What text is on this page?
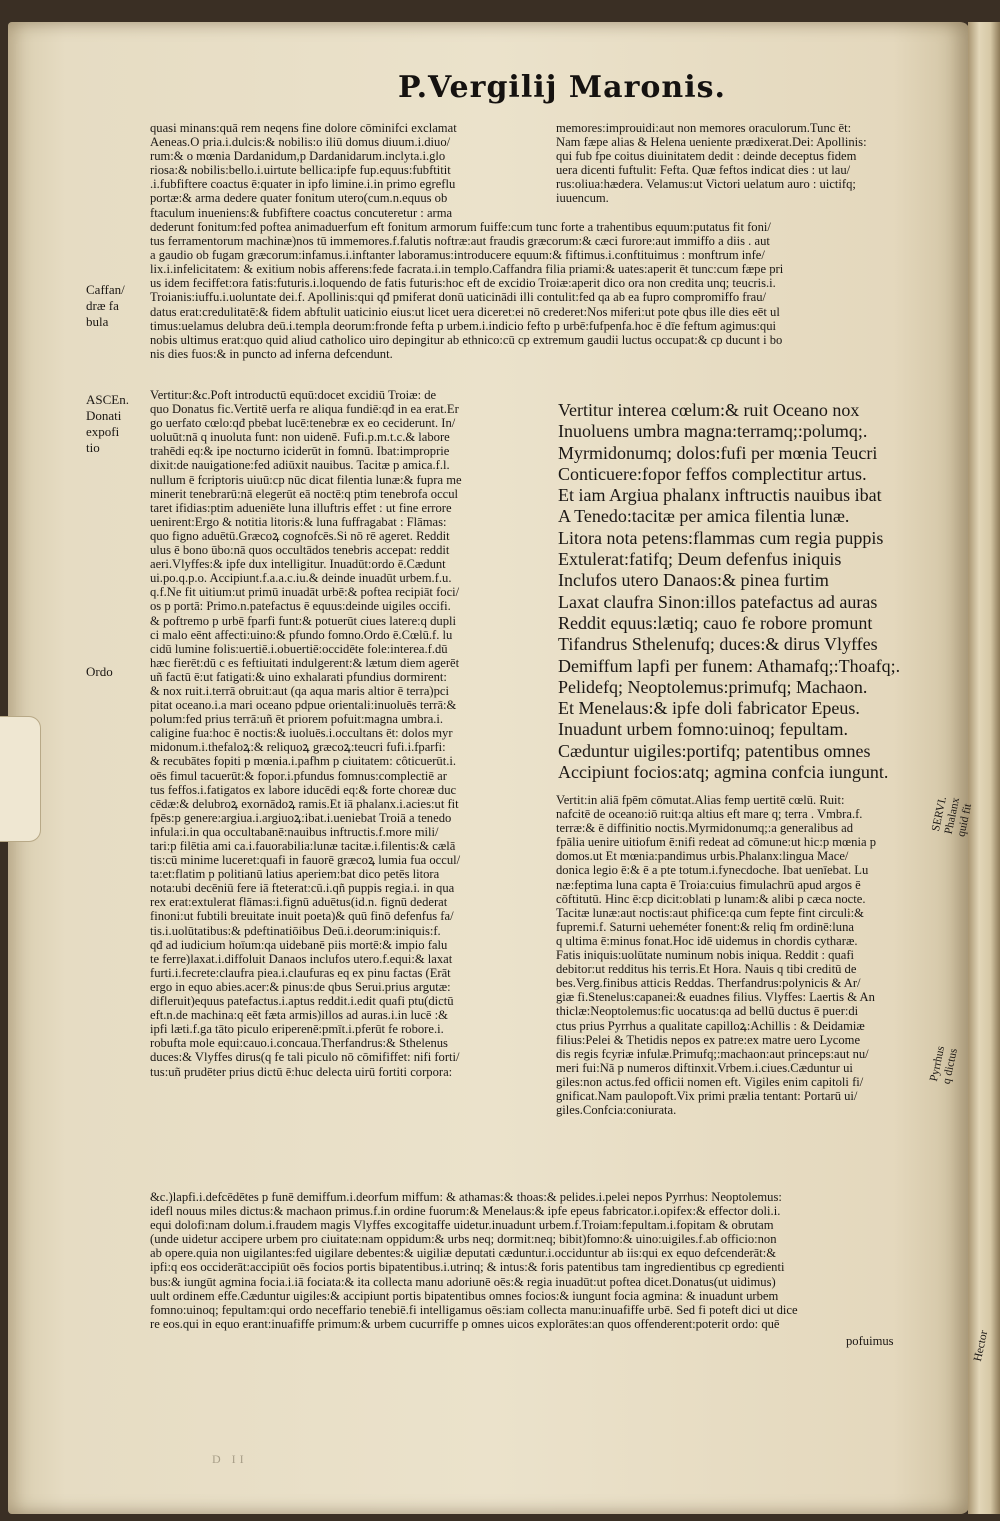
P.Vergilij Maronis.

quasi minans:quā rem neqens fine dolore cōminifci exclamat

Aeneas.O pria.i.dulcis:& nobilis:o iliū domus diuum.i.diuo/

rum:& o mœnia Dardanidum,p Dardanidarum.inclyta.i.glo

riosa:& nobilis:bello.i.uirtute bellica:ipfe fup.equus:fubftitit

.i.fubfiftere coactus ē:quater in ipfo limine.i.in primo egreflu

portæ:& arma dedere quater fonitum utero(cum.n.equus ob

ftaculum inueniens:& fubfiftere coactus concuteretur : arma

memores:improuidi:aut non memores oraculorum.Tunc ēt:

Nam fæpe alias & Helena ueniente prædixerat.Dei: Apollinis:

qui fub fpe coitus diuinitatem dedit : deinde deceptus fidem

uera dicenti fuftulit: Fefta. Quæ feftos indicat dies : ut lau/

rus:oliua:hædera. Velamus:ut Victori uelatum auro : uictifq;

iuuencum.

dederunt fonitum:fed poftea animaduerfum eft fonitum armorum fuiffe:cum tunc forte a trahentibus equum:putatus fit foni/

tus ferramentorum machinæ)nos tū immemores.f.falutis noftræ:aut fraudis græcorum:& cæci furore:aut immiffo a diis . aut

a gaudio ob fugam græcorum:infamus.i.inftanter laboramus:introducere equum:& fiftimus.i.conftituimus : monftrum infe/

lix.i.infelicitatem: & exitium nobis afferens:fede facrata.i.in templo.Caffandra filia priami:& uates:aperit ēt tunc:cum fæpe pri

us idem feciffet:ora fatis:futuris.i.loquendo de fatis futuris:hoc eft de excidio Troiæ:aperit dico ora non credita unq; teucris.i.

Troianis:iuffu.i.uoluntate dei.f. Apollinis:qui qđ pmiferat donū uaticinādi illi contulit:fed qa ab ea fupro compromiffo frau/

datus erat:credulitatē:& fidem abftulit uaticinio eius:ut licet uera diceret:ei nō crederet:Nos miferi:ut pote qbus ille dies eēt ul

timus:uelamus delubra deū.i.templa deorum:fronde fefta p urbem.i.indicio fefto p urbē:fufpenfa.hoc ē dīe feftum agimus:qui

nobis ultimus erat:quo quid aliud catholico uiro depingitur ab ethnico:cū cp extremum gaudii luctus occupat:& cp ducunt i bo

nis dies fuos:& in puncto ad inferna defcendunt.

Caffan/
dræ fa
bula
ASCEn.
Donati
expofi
tio
Ordo
SERVI.
Phalanx
quid fit
Pyrrhus
q dictus
Hector

Vertitur:&c.Poft introductū equū:docet excidiū Troiæ: de

quo Donatus fic.Vertitē uerfa re aliqua fundiē:qđ in ea erat.Er

go uerfato cœlo:qđ pbebat lucē:tenebræ ex eo ceciderunt. In/

uoluūt:nā q inuoluta funt: non uidenē. Fufi.p.m.t.c.& labore

trahēdi eq:& ipe nocturno iciderūt in fomnū. Ibat:improprie

dixit:de nauigatione:fed adiūxit nauibus. Tacitæ p amica.f.l.

nullum ē fcriptoris uiuū:cp nūc dicat filentia lunæ:& fupra me

minerit tenebrarū:nā elegerūt eā noctē:q ptim tenebrofa occul

taret ifidias:ptim adueniēte luna illuftris effet : ut fine errore

uenirent:Ergo & notitia litoris:& luna fuffragabat : Flāmas:

quo figno aduētū.Græcoꝝ cognofcēs.Si nō rē ageret. Reddit

ulus ē bono ūbo:nā quos occultādos tenebris accepat: reddit

aeri.Vlyffes:& ipfe dux intelligitur. Inuadūt:ordo ē.Cædunt

ui.po.q.p.o. Accipiunt.f.a.a.c.iu.& deinde inuadūt urbem.f.u.

q.f.Ne fit uitium:ut primū inuadāt urbē:& poftea recipiāt foci/

os p portā: Primo.n.patefactus ē equus:deinde uigiles occifi.

& poftremo p urbē fparfi funt:& potuerūt ciues latere:q dupli

ci malo eēnt affecti:uino:& pfundo fomno.Ordo ē.Cœlū.f. lu

cidū lumine folis:uertiē.i.obuertiē:occidēte fole:interea.f.dū

hæc fierēt:dū c es feftiuitati indulgerent:& lætum diem agerēt

uñ factū ē:ut fatigati:& uino exhalarati pfundius dormirent:

& nox ruit.i.terrā obruit:aut (qa aqua maris altior ē terra)pci

pitat oceano.i.a mari oceano pdpue orientali:inuoluēs terrā:&

polum:fed prius terrā:uñ ēt priorem pofuit:magna umbra.i.

caligine fua:hoc ē noctis:& iuoluēs.i.occultans ēt: dolos myr

midonum.i.thefaloꝝ:& reliquoꝝ græcoꝝ:teucri fufi.i.fparfi:

& recubātes fopiti p mœnia.i.pafhm p ciuitatem: côticuerūt.i.

oēs fimul tacuerūt:& fopor.i.pfundus fomnus:complectiē ar

tus feffos.i.fatigatos ex labore iducēdi eq:& forte choreæ duc

cēdæ:& delubroꝝ exornādoꝝ ramis.Et iā phalanx.i.acies:ut fit

fpēs:p genere:argiua.i.argiuoꝝ:ibat.i.ueniebat Troiā a tenedo

infula:i.in qua occultabanē:nauibus inftructis.f.more mili/

tari:p filētia ami ca.i.fauorabilia:lunæ tacitæ.i.filentis:& cælā

tis:cū minime luceret:quafi in fauorē græcoꝝ lumia fua occul/

ta:et:flatim p politianū latius aperiem:bat dico petēs litora

nota:ubi decēniū fere iā fteterat:cū.i.qñ puppis regia.i. in qua

rex erat:extulerat flāmas:i.fignū aduētus(id.n. fignū dederat

finoni:ut fubtili breuitate inuit poeta)& quū finō defenfus fa/

tis.i.uolūtatibus:& pdeftinatiōibus Deū.i.deorum:iniquis:f.

qđ ad iudicium hoīum:qa uidebanē piis mortē:& impio falu

te ferre)laxat.i.diffoluit Danaos inclufos utero.f.equi:& laxat

furti.i.fecrete:claufra piea.i.claufuras eq ex pinu factas (Erāt

ergo in equo abies.acer:& pinus:de qbus Serui.prius argutæ:

difleruit)equus patefactus.i.aptus reddit.i.edit quafi ptu(dictū

eft.n.de machina:q eēt fæta armis)illos ad auras.i.in lucē :&

ipfi læti.f.ga tāto piculo eriperenē:pmīt.i.pferūt fe robore.i.

robufta mole equi:cauo.i.concaua.Therfandrus:& Sthelenus

duces:& Vlyffes dirus(q fe tali piculo nō cōmififfet: nifi forti/

tus:uñ prudēter prius dictū ē:huc delecta uirū fortiti corpora:

Vertitur interea cœlum:& ruit Oceano nox

Inuoluens umbra magna:terramq;:polumq;.

Myrmidonumq; dolos:fufi per mœnia Teucri

Conticuere:fopor feffos complectitur artus.

Et iam Argiua phalanx inftructis nauibus ibat

A Tenedo:tacitæ per amica filentia lunæ.

Litora nota petens:flammas cum regia puppis

Extulerat:fatifq; Deum defenfus iniquis

Inclufos utero Danaos:& pinea furtim

Laxat claufra Sinon:illos patefactus ad auras

Reddit equus:lætiq; cauo fe robore promunt

Tifandrus Sthelenufq; duces:& dirus Vlyffes

Demiffum lapfi per funem: Athamafq;:Thoafq;.

Pelidefq; Neoptolemus:primufq; Machaon.

Et Menelaus:& ipfe doli fabricator Epeus.

Inuadunt urbem fomno:uinoq; fepultam.

Cæduntur uigiles:portifq; patentibus omnes

Accipiunt focios:atq; agmina confcia iungunt.

Vertit:in aliā fpēm cōmutat.Alias femp uertitē cœlū. Ruit:

nafcitē de oceano:iō ruit:qa altius eft mare q; terra . Vmbra.f.

terræ:& ē diffinitio noctis.Myrmidonumq;:a generalibus ad

fpālia uenire uitiofum ē:nifi redeat ad cōmune:ut hic:p mœnia p

domos.ut Et mœnia:pandimus urbis.Phalanx:lingua Mace/

donica legio ē:& ē a pte totum.i.fynecdoche. Ibat uenīebat. Lu

næ:feptima luna capta ē Troia:cuius fimulachrū apud argos ē

cōftitutū. Hinc ē:cp dicit:oblati p lunam:& alibi p cæca nocte.

Tacitæ lunæ:aut noctis:aut phifice:qa cum fepte fint circuli:&

fupremi.f. Saturni ueheméter fonent:& reliq fm ordinē:luna

q ultima ē:minus fonat.Hoc idē uidemus in chordis cytharæ.

Fatis iniquis:uolūtate numinum nobis iniqua. Reddit : quafi

debitor:ut redditus his terris.Et Hora. Nauis q tibi creditū de

bes.Verg.finibus atticis Reddas. Therfandrus:polynicis & Ar/

giæ fi.Stenelus:capanei:& euadnes filius. Vlyffes: Laertis & An

thiclæ:Neoptolemus:fic uocatus:qa ad bellū ductus ē puer:di

ctus prius Pyrrhus a qualitate capilloꝝ:Achillis : & Deidamiæ

filius:Pelei & Thetidis nepos ex patre:ex matre uero Lycome

dis regis fcyriæ infulæ.Primufq;:machaon:aut princeps:aut nu/

meri fui:Nā p numeros diftinxit.Vrbem.i.ciues.Cæduntur ui

giles:non actus.fed officii nomen eft. Vigiles enim capitoli fi/

gnificat.Nam paulopoft.Vix primi prælia tentant: Portarū ui/

giles.Confcia:coniurata.

&c.)lapfi.i.defcēdētes p funē demiffum.i.deorfum miffum: & athamas:& thoas:& pelides.i.pelei nepos Pyrrhus: Neoptolemus:

idefl nouus miles dictus:& machaon primus.f.in ordine fuorum:& Menelaus:& ipfe epeus fabricator.i.opifex:& effector doli.i.

equi dolofi:nam dolum.i.fraudem magis Vlyffes excogitaffe uidetur.inuadunt urbem.f.Troiam:fepultam.i.fopitam & obrutam

(unde uidetur accipere urbem pro ciuitate:nam oppidum:& urbs neq; dormit:neq; bibit)fomno:& uino:uigiles.f.ab officio:non

ab opere.quia non uigilantes:fed uigilare debentes:& uigiliæ deputati cæduntur.i.occiduntur ab iis:qui ex equo defcenderāt:&

ipfi:q eos occiderāt:accipiūt oēs focios portis bipatentibus.i.utrinq; & intus:& foris patentibus tam ingredientibus cp egredienti

bus:& iungūt agmina focia.i.iā fociata:& ita collecta manu adoriunē oēs:& regia inuadūt:ut poftea dicet.Donatus(ut uidimus)

uult ordinem effe.Cæduntur uigiles:& accipiunt portis bipatentibus omnes focios:& iungunt focia agmina: & inuadunt urbem

fomno:uinoq; fepultam:qui ordo neceffario tenebiē.fi intelligamus oēs:iam collecta manu:inuafiffe urbē. Sed fi poteft dici ut dice

re eos.qui in equo erant:inuafiffe primum:& urbem cucurriffe p omnes uicos explorātes:an quos offenderent:poterit ordo: quē

pofuimus

D II
